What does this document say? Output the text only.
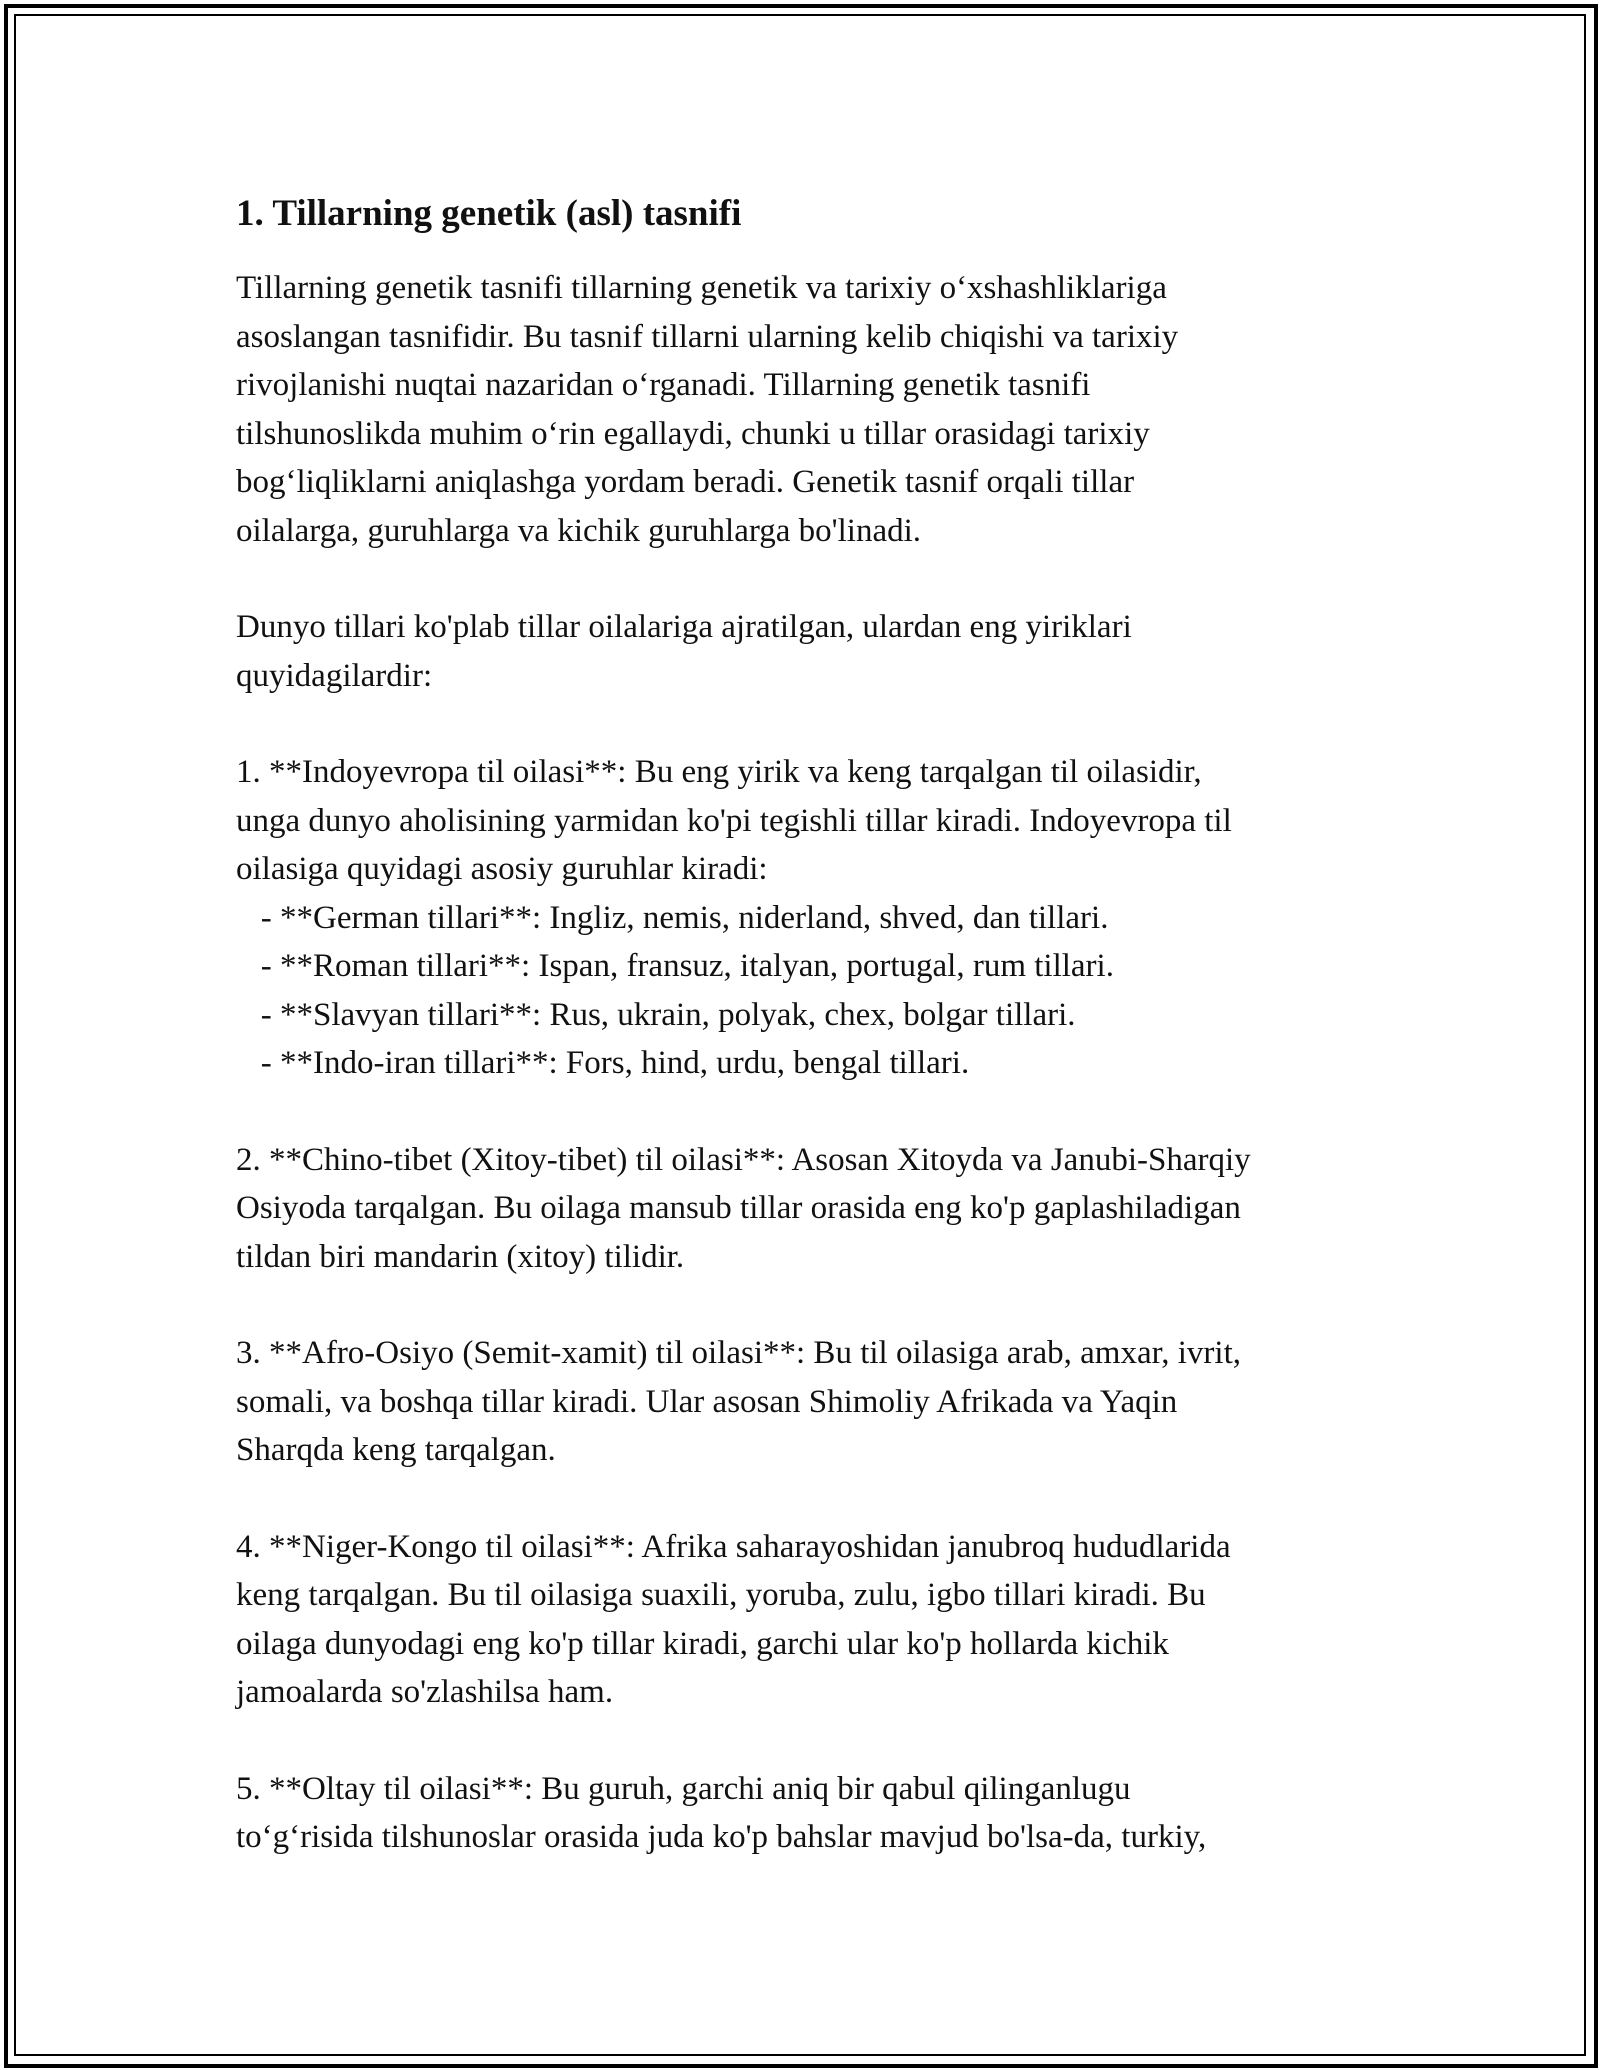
1. Tillarning genetik (asl) tasnifi
Tillarning genetik tasnifi tillarning genetik va tarixiy o‘xshashliklariga
asoslangan tasnifidir. Bu tasnif tillarni ularning kelib chiqishi va tarixiy
rivojlanishi nuqtai nazaridan o‘rganadi. Tillarning genetik tasnifi
tilshunoslikda muhim o‘rin egallaydi, chunki u tillar orasidagi tarixiy
bog‘liqliklarni aniqlashga yordam beradi. Genetik tasnif orqali tillar
oilalarga, guruhlarga va kichik guruhlarga bo'linadi.
Dunyo tillari ko'plab tillar oilalariga ajratilgan, ulardan eng yiriklari
quyidagilardir:
1. **Indoyevropa til oilasi**: Bu eng yirik va keng tarqalgan til oilasidir,
unga dunyo aholisining yarmidan ko'pi tegishli tillar kiradi. Indoyevropa til
oilasiga quyidagi asosiy guruhlar kiradi:
- **German tillari**: Ingliz, nemis, niderland, shved, dan tillari.
- **Roman tillari**: Ispan, fransuz, italyan, portugal, rum tillari.
- **Slavyan tillari**: Rus, ukrain, polyak, chex, bolgar tillari.
- **Indo-iran tillari**: Fors, hind, urdu, bengal tillari.
2. **Chino-tibet (Xitoy-tibet) til oilasi**: Asosan Xitoyda va Janubi-Sharqiy
Osiyoda tarqalgan. Bu oilaga mansub tillar orasida eng ko'p gaplashiladigan
tildan biri mandarin (xitoy) tilidir.
3. **Afro-Osiyo (Semit-xamit) til oilasi**: Bu til oilasiga arab, amxar, ivrit,
somali, va boshqa tillar kiradi. Ular asosan Shimoliy Afrikada va Yaqin
Sharqda keng tarqalgan.
4. **Niger-Kongo til oilasi**: Afrika saharayoshidan janubroq hududlarida
keng tarqalgan. Bu til oilasiga suaxili, yoruba, zulu, igbo tillari kiradi. Bu
oilaga dunyodagi eng ko'p tillar kiradi, garchi ular ko'p hollarda kichik
jamoalarda so'zlashilsa ham.
5. **Oltay til oilasi**: Bu guruh, garchi aniq bir qabul qilinganlugu
to‘g‘risida tilshunoslar orasida juda ko'p bahslar mavjud bo'lsa-da, turkiy,
